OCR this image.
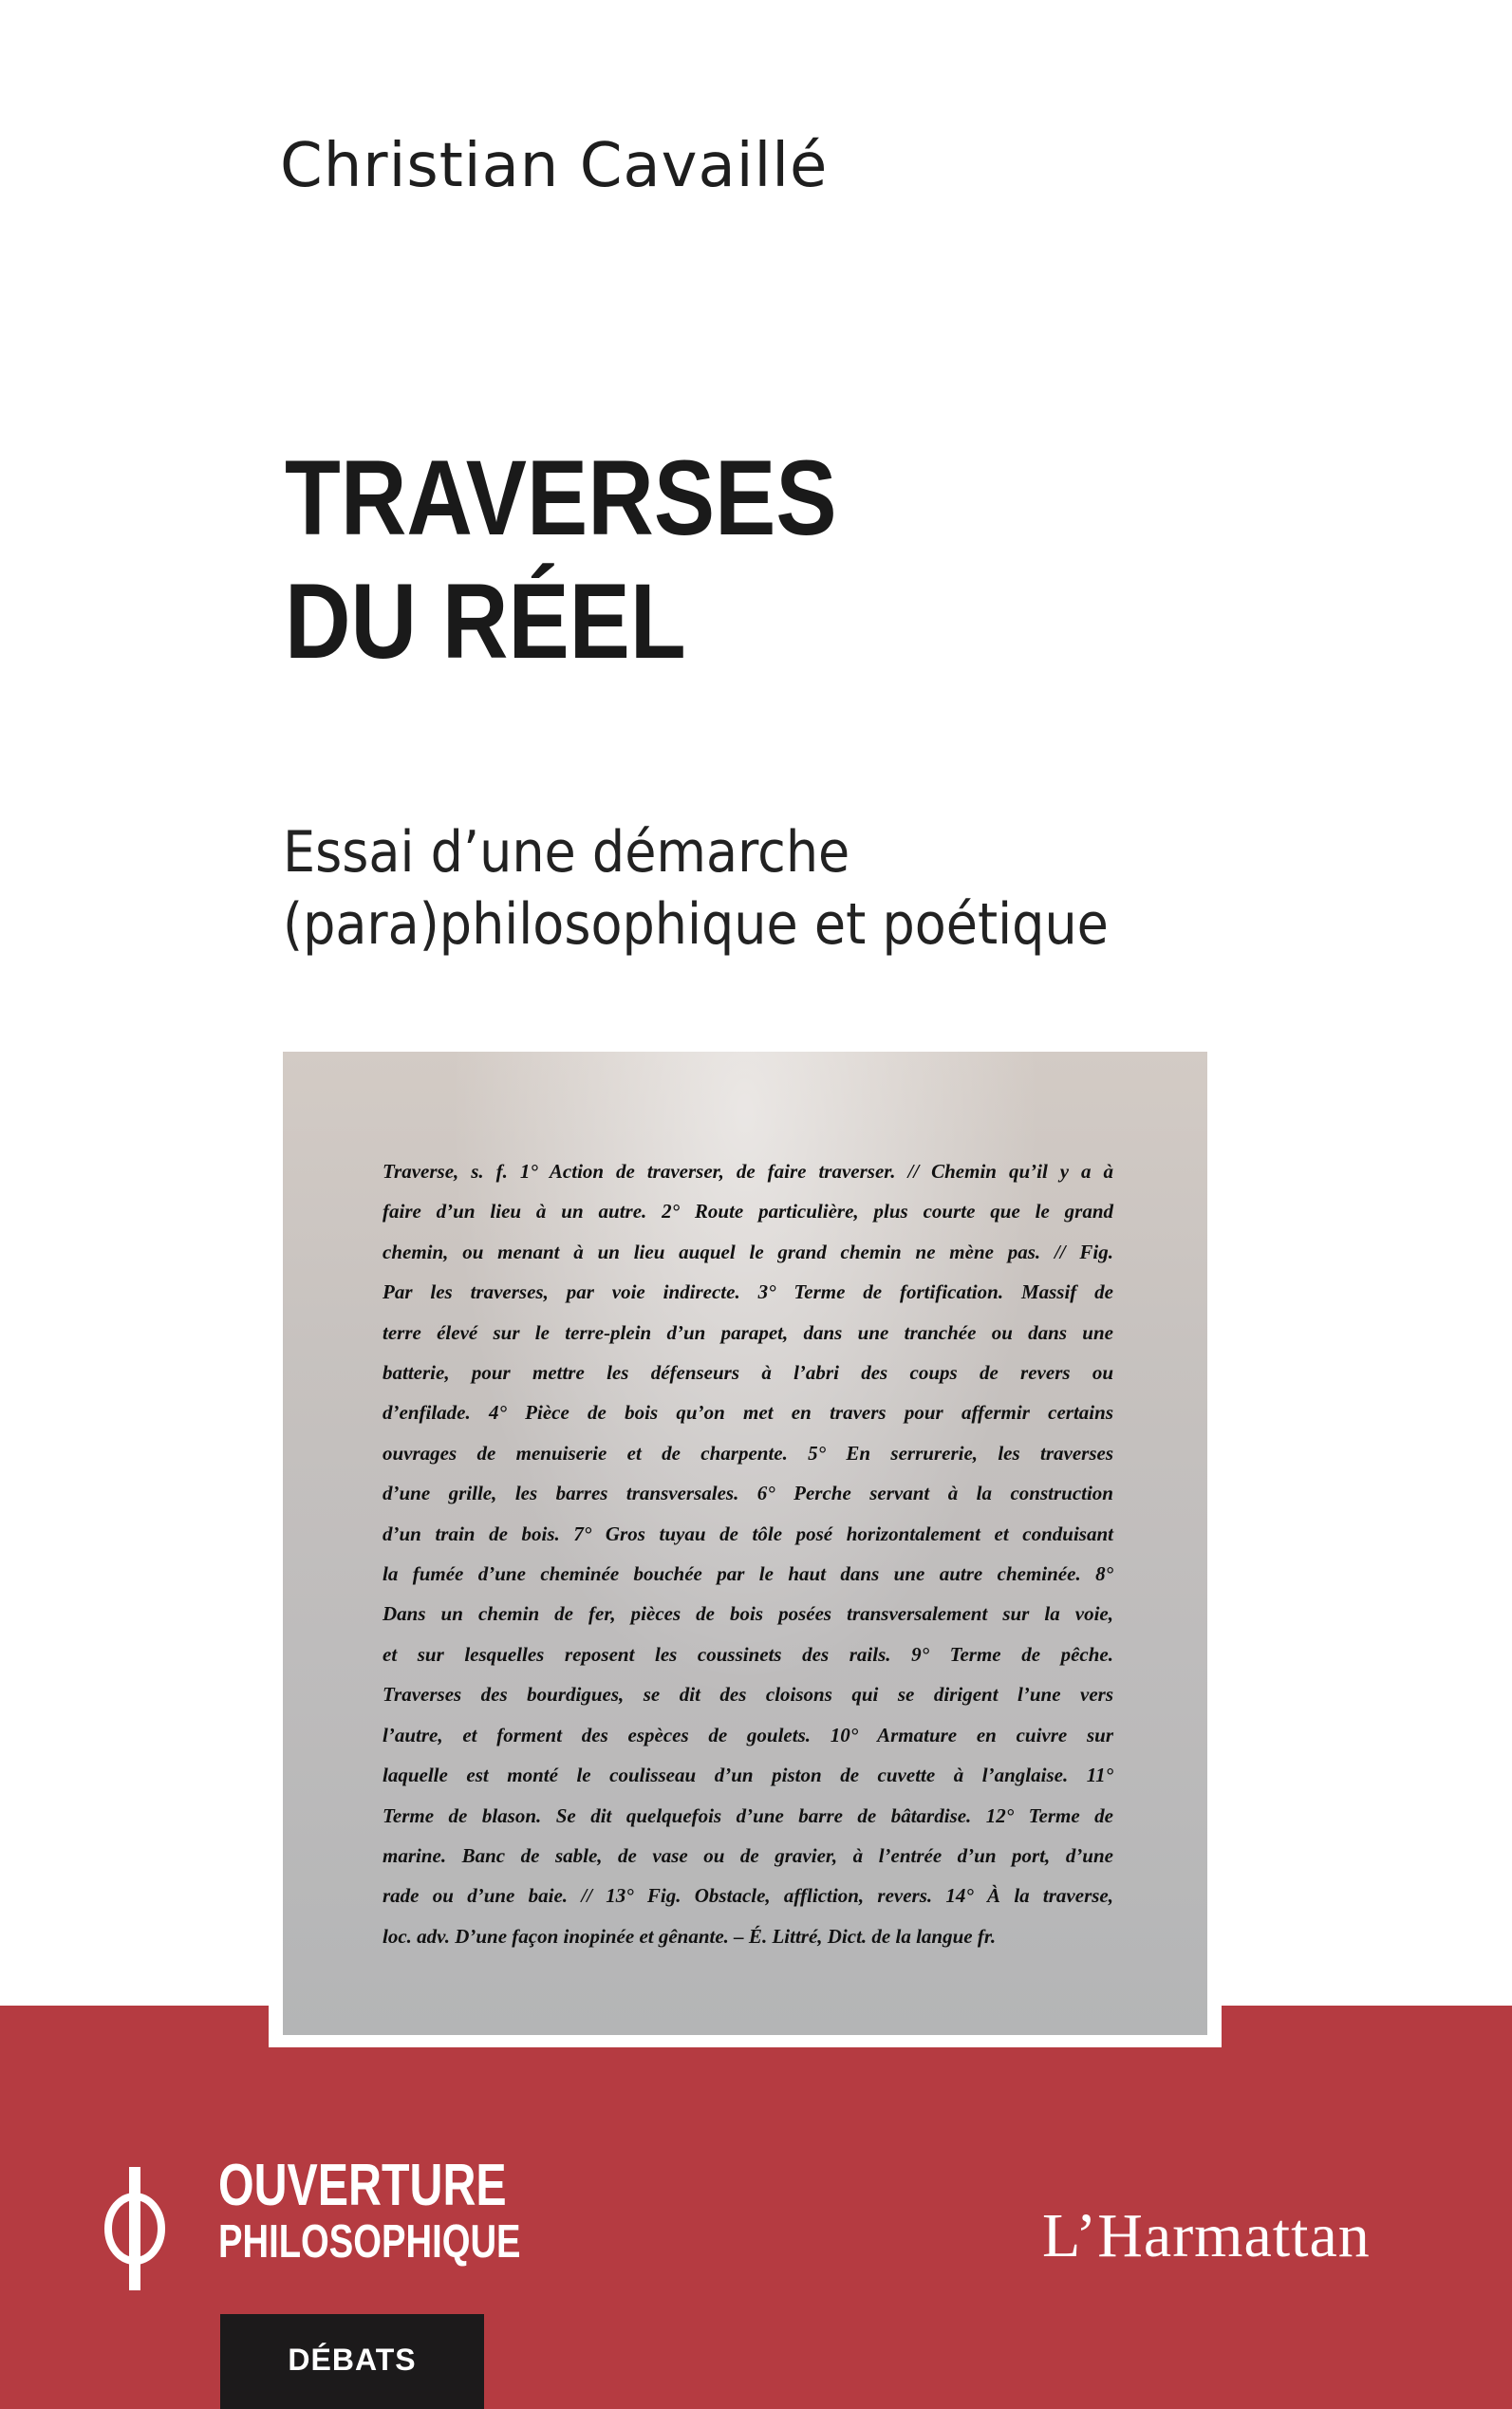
Christian Cavaillé
TRAVERSES
DU RÉEL
Essai d’une démarche
(para)philosophique et poétique
Traverse, s. f. 1° Action de traverser, de faire traverser. // Chemin qu’il y a à
faire d’un lieu à un autre. 2° Route particulière, plus courte que le grand
chemin, ou menant à un lieu auquel le grand chemin ne mène pas. // Fig.
Par les traverses, par voie indirecte. 3° Terme de fortification. Massif de
terre élevé sur le terre-plein d’un parapet, dans une tranchée ou dans une
batterie, pour mettre les défenseurs à l’abri des coups de revers ou
d’enfilade. 4° Pièce de bois qu’on met en travers pour affermir certains
ouvrages de menuiserie et de charpente. 5° En serrurerie, les traverses
d’une grille, les barres transversales. 6° Perche servant à la construction
d’un train de bois. 7° Gros tuyau de tôle posé horizontalement et conduisant
la fumée d’une cheminée bouchée par le haut dans une autre cheminée. 8°
Dans un chemin de fer, pièces de bois posées transversalement sur la voie,
et sur lesquelles reposent les coussinets des rails. 9° Terme de pêche.
Traverses des bourdigues, se dit des cloisons qui se dirigent l’une vers
l’autre, et forment des espèces de goulets. 10° Armature en cuivre sur
laquelle est monté le coulisseau d’un piston de cuvette à l’anglaise. 11°
Terme de blason. Se dit quelquefois d’une barre de bâtardise. 12° Terme de
marine. Banc de sable, de vase ou de gravier, à l’entrée d’un port, d’une
rade ou d’une baie. // 13° Fig. Obstacle, affliction, revers. 14° À la traverse,
loc. adv. D’une façon inopinée et gênante. – É. Littré, Dict. de la langue fr.
OUVERTURE
PHILOSOPHIQUE
DÉBATS
L’Harmattan
